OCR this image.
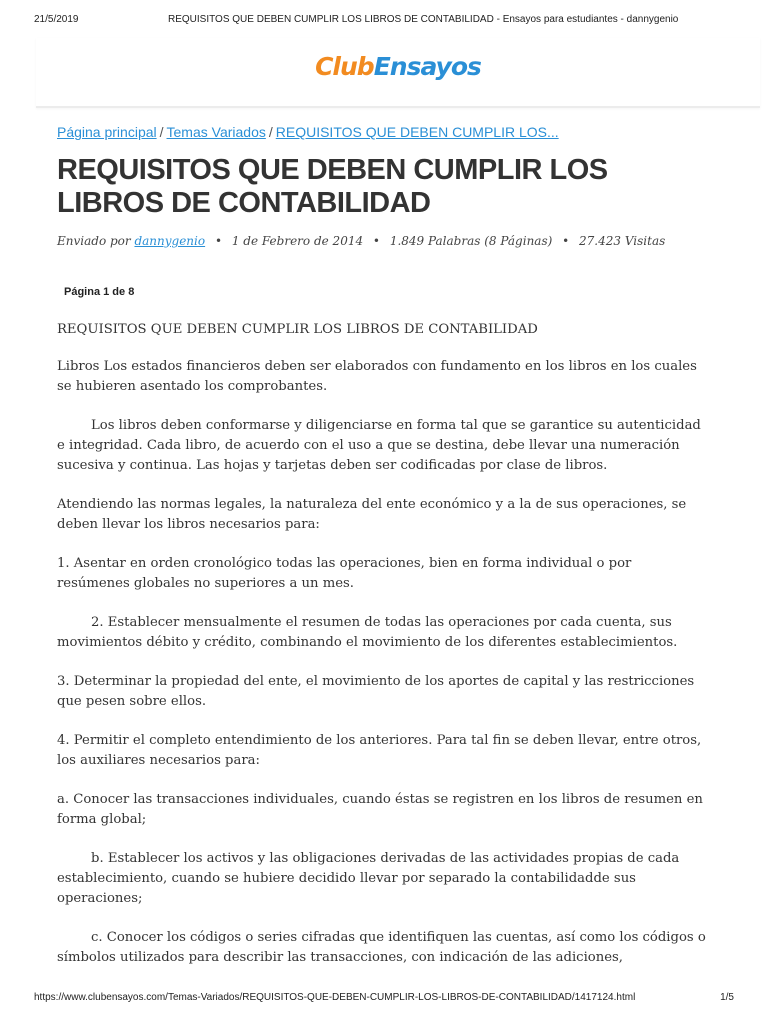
21/5/2019	REQUISITOS QUE DEBEN CUMPLIR LOS LIBROS DE CONTABILIDAD - Ensayos para estudiantes - dannygenio
ClubEnsayos
Página principal / Temas Variados / REQUISITOS QUE DEBEN CUMPLIR LOS...
REQUISITOS QUE DEBEN CUMPLIR LOS LIBROS DE CONTABILIDAD
Enviado por dannygenio • 1 de Febrero de 2014 • 1.849 Palabras (8 Páginas) • 27.423 Visitas
Página 1 de 8

REQUISITOS QUE DEBEN CUMPLIR LOS LIBROS DE CONTABILIDAD

Libros Los estados financieros deben ser elaborados con fundamento en los libros en los cuales se hubieren asentado los comprobantes.

Los libros deben conformarse y diligenciarse en forma tal que se garantice su autenticidad e integridad. Cada libro, de acuerdo con el uso a que se destina, debe llevar una numeración sucesiva y continua. Las hojas y tarjetas deben ser codificadas por clase de libros.

Atendiendo las normas legales, la naturaleza del ente económico y a la de sus operaciones, se deben llevar los libros necesarios para:

1. Asentar en orden cronológico todas las operaciones, bien en forma individual o por resúmenes globales no superiores a un mes.

2. Establecer mensualmente el resumen de todas las operaciones por cada cuenta, sus movimientos débito y crédito, combinando el movimiento de los diferentes establecimientos.

3. Determinar la propiedad del ente, el movimiento de los aportes de capital y las restricciones que pesen sobre ellos.

4. Permitir el completo entendimiento de los anteriores. Para tal fin se deben llevar, entre otros, los auxiliares necesarios para:

a. Conocer las transacciones individuales, cuando éstas se registren en los libros de resumen en forma global;

b. Establecer los activos y las obligaciones derivadas de las actividades propias de cada establecimiento, cuando se hubiere decidido llevar por separado la contabilidadde sus operaciones;

c. Conocer los códigos o series cifradas que identifiquen las cuentas, así como los códigos o símbolos utilizados para describir las transacciones, con indicación de las adiciones,

https://www.clubensayos.com/Temas-Variados/REQUISITOS-QUE-DEBEN-CUMPLIR-LOS-LIBROS-DE-CONTABILIDAD/1417124.html	1/5
